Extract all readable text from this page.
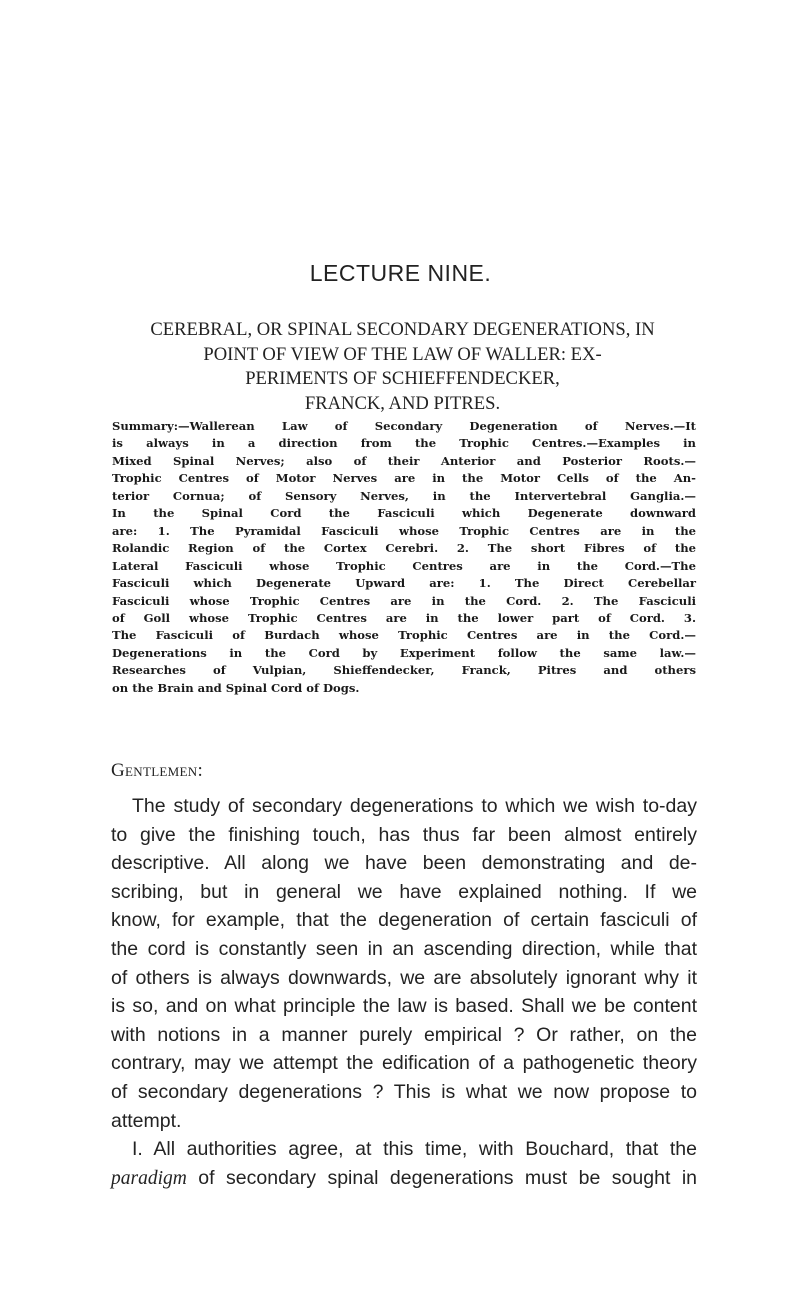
LECTURE NINE.
CEREBRAL, OR SPINAL SECONDARY DEGENERATIONS, IN
POINT OF VIEW OF THE LAW OF WALLER: EX-
PERIMENTS OF SCHIEFFENDECKER,
FRANCK, AND PITRES.
Summary:—Wallerean Law of Secondary Degeneration of Nerves.—It
is always in a direction from the Trophic Centres.—Examples in
Mixed Spinal Nerves; also of their Anterior and Posterior Roots.—
Trophic Centres of Motor Nerves are in the Motor Cells of the An-
terior Cornua; of Sensory Nerves, in the Intervertebral Ganglia.—
In the Spinal Cord the Fasciculi which Degenerate downward
are: 1. The Pyramidal Fasciculi whose Trophic Centres are in the
Rolandic Region of the Cortex Cerebri. 2. The short Fibres of the
Lateral Fasciculi whose Trophic Centres are in the Cord.—The
Fasciculi which Degenerate Upward are: 1. The Direct Cerebellar
Fasciculi whose Trophic Centres are in the Cord. 2. The Fasciculi
of Goll whose Trophic Centres are in the lower part of Cord. 3.
The Fasciculi of Burdach whose Trophic Centres are in the Cord.—
Degenerations in the Cord by Experiment follow the same law.—
Researches of Vulpian, Shieffendecker, Franck, Pitres and others
on the Brain and Spinal Cord of Dogs.
Gentlemen:
The study of secondary degenerations to which we wish to-day
to give the finishing touch, has thus far been almost entirely
descriptive. All along we have been demonstrating and de-
scribing, but in general we have explained nothing. If we
know, for example, that the degeneration of certain fasciculi of
the cord is constantly seen in an ascending direction, while that
of others is always downwards, we are absolutely ignorant why it
is so, and on what principle the law is based. Shall we be content
with notions in a manner purely empirical ? Or rather, on the
contrary, may we attempt the edification of a pathogenetic theory
of secondary degenerations ? This is what we now propose to
attempt.
I. All authorities agree, at this time, with Bouchard, that the
paradigm of secondary spinal degenerations must be sought in
